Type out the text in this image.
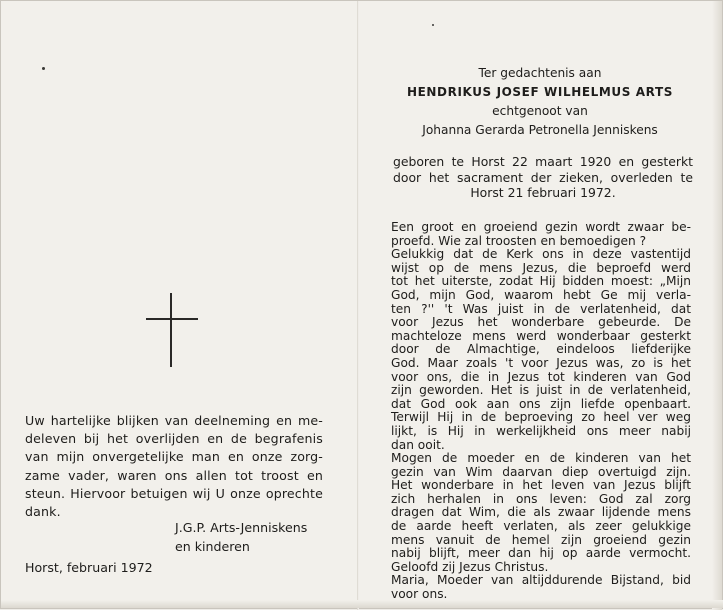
Uw hartelijke blijken van deelneming en me-
deleven bij het overlijden en de begrafenis
van mijn onvergetelijke man en onze zorg-
zame vader, waren ons allen tot troost en
steun. Hiervoor betuigen wij U onze oprechte
dank.
J.G.P. Arts-Jenniskens
en kinderen
Horst, februari 1972
Ter gedachtenis aan
HENDRIKUS JOSEF WILHELMUS ARTS
echtgenoot van
Johanna Gerarda Petronella Jenniskens
geboren te Horst 22 maart 1920 en gesterkt
door het sacrament der zieken, overleden te
Horst 21 februari 1972.
Een groot en groeiend gezin wordt zwaar be-
proefd. Wie zal troosten en bemoedigen ?
Gelukkig dat de Kerk ons in deze vastentijd
wijst op de mens Jezus, die beproefd werd
tot het uiterste, zodat Hij bidden moest: „Mijn
God, mijn God, waarom hebt Ge mij verla-
ten ?'' 't Was juist in de verlatenheid, dat
voor Jezus het wonderbare gebeurde. De
machteloze mens werd wonderbaar gesterkt
door de Almachtige, eindeloos liefderijke
God. Maar zoals 't voor Jezus was, zo is het
voor ons, die in Jezus tot kinderen van God
zijn geworden. Het is juist in de verlatenheid,
dat God ook aan ons zijn liefde openbaart.
Terwijl Hij in de beproeving zo heel ver weg
lijkt, is Hij in werkelijkheid ons meer nabij
dan ooit.
Mogen de moeder en de kinderen van het
gezin van Wim daarvan diep overtuigd zijn.
Het wonderbare in het leven van Jezus blijft
zich herhalen in ons leven: God zal zorg
dragen dat Wim, die als zwaar lijdende mens
de aarde heeft verlaten, als zeer gelukkige
mens vanuit de hemel zijn groeiend gezin
nabij blijft, meer dan hij op aarde vermocht.
Geloofd zij Jezus Christus.
Maria, Moeder van altijddurende Bijstand, bid
voor ons.
